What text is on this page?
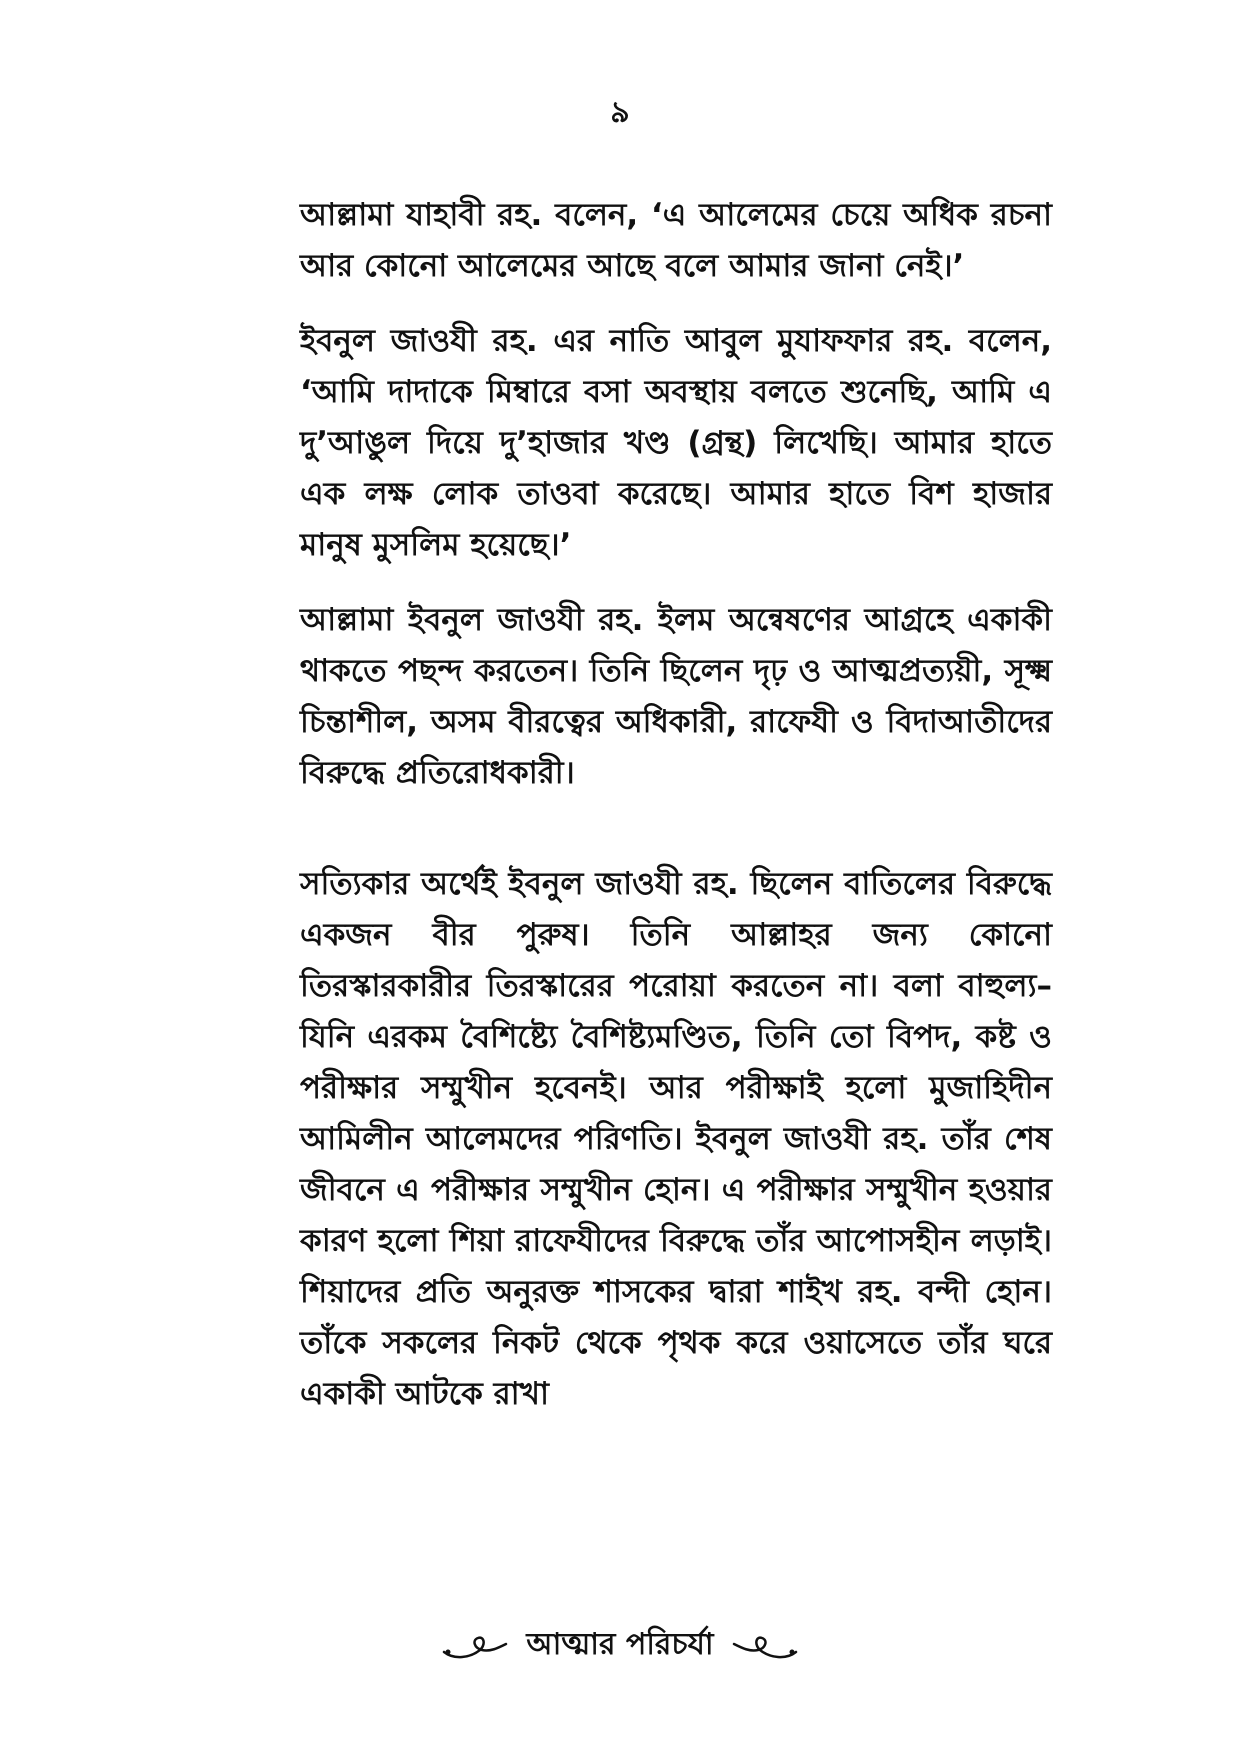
৯

আল্লামা যাহাবী রহ. বলেন, ‘এ আলেমের চেয়ে অধিক রচনা আর কোনো আলেমের আছে বলে আমার জানা নেই।’

ইবনুল জাওযী রহ. এর নাতি আবুল মুযাফফার রহ. বলেন, ‘আমি দাদাকে মিম্বারে বসা অবস্থায় বলতে শুনেছি, আমি এ দু’আঙুল দিয়ে দু’হাজার খণ্ড (গ্রন্থ) লিখেছি। আমার হাতে এক লক্ষ লোক তাওবা করেছে। আমার হাতে বিশ হাজার মানুষ মুসলিম হয়েছে।’

আল্লামা ইবনুল জাওযী রহ. ইলম অন্বেষণের আগ্রহে একাকী থাকতে পছন্দ করতেন। তিনি ছিলেন দৃঢ় ও আত্মপ্রত্যয়ী, সূক্ষ্ম চিন্তাশীল, অসম বীরত্বের অধিকারী, রাফেযী ও বিদাআতীদের বিরুদ্ধে প্রতিরোধকারী।

সত্যিকার অর্থেই ইবনুল জাওযী রহ. ছিলেন বাতিলের বিরুদ্ধে একজন বীর পুরুষ। তিনি আল্লাহর জন্য কোনো তিরস্কারকারীর তিরস্কারের পরোয়া করতেন না। বলা বাহুল্য– যিনি এরকম বৈশিষ্ট্যে বৈশিষ্ট্যমণ্ডিত, তিনি তো বিপদ, কষ্ট ও পরীক্ষার সম্মুখীন হবেনই। আর পরীক্ষাই হলো মুজাহিদীন আমিলীন আলেমদের পরিণতি। ইবনুল জাওযী রহ. তাঁর শেষ জীবনে এ পরীক্ষার সম্মুখীন হোন। এ পরীক্ষার সম্মুখীন হওয়ার কারণ হলো শিয়া রাফেযীদের বিরুদ্ধে তাঁর আপোসহীন লড়াই। শিয়াদের প্রতি অনুরক্ত শাসকের দ্বারা শাইখ রহ. বন্দী হোন। তাঁকে সকলের নিকট থেকে পৃথক করে ওয়াসেতে তাঁর ঘরে একাকী আটকে রাখা

আত্মার পরিচর্যা
